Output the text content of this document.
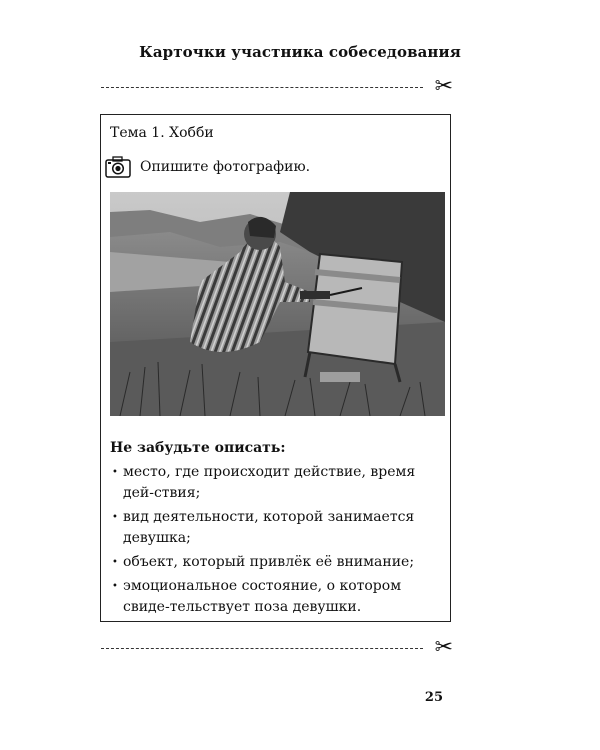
Карточки участника собеседования
✂
Тема 1. Хобби
Опишите фотографию.
Не забудьте описать:
• место, где происходит действие, время дей-ствия;
• вид деятельности, которой занимается девушка;
• объект, который привлёк её внимание;
• эмоциональное состояние, о котором свиде-тельствует поза девушки.
✂
25
